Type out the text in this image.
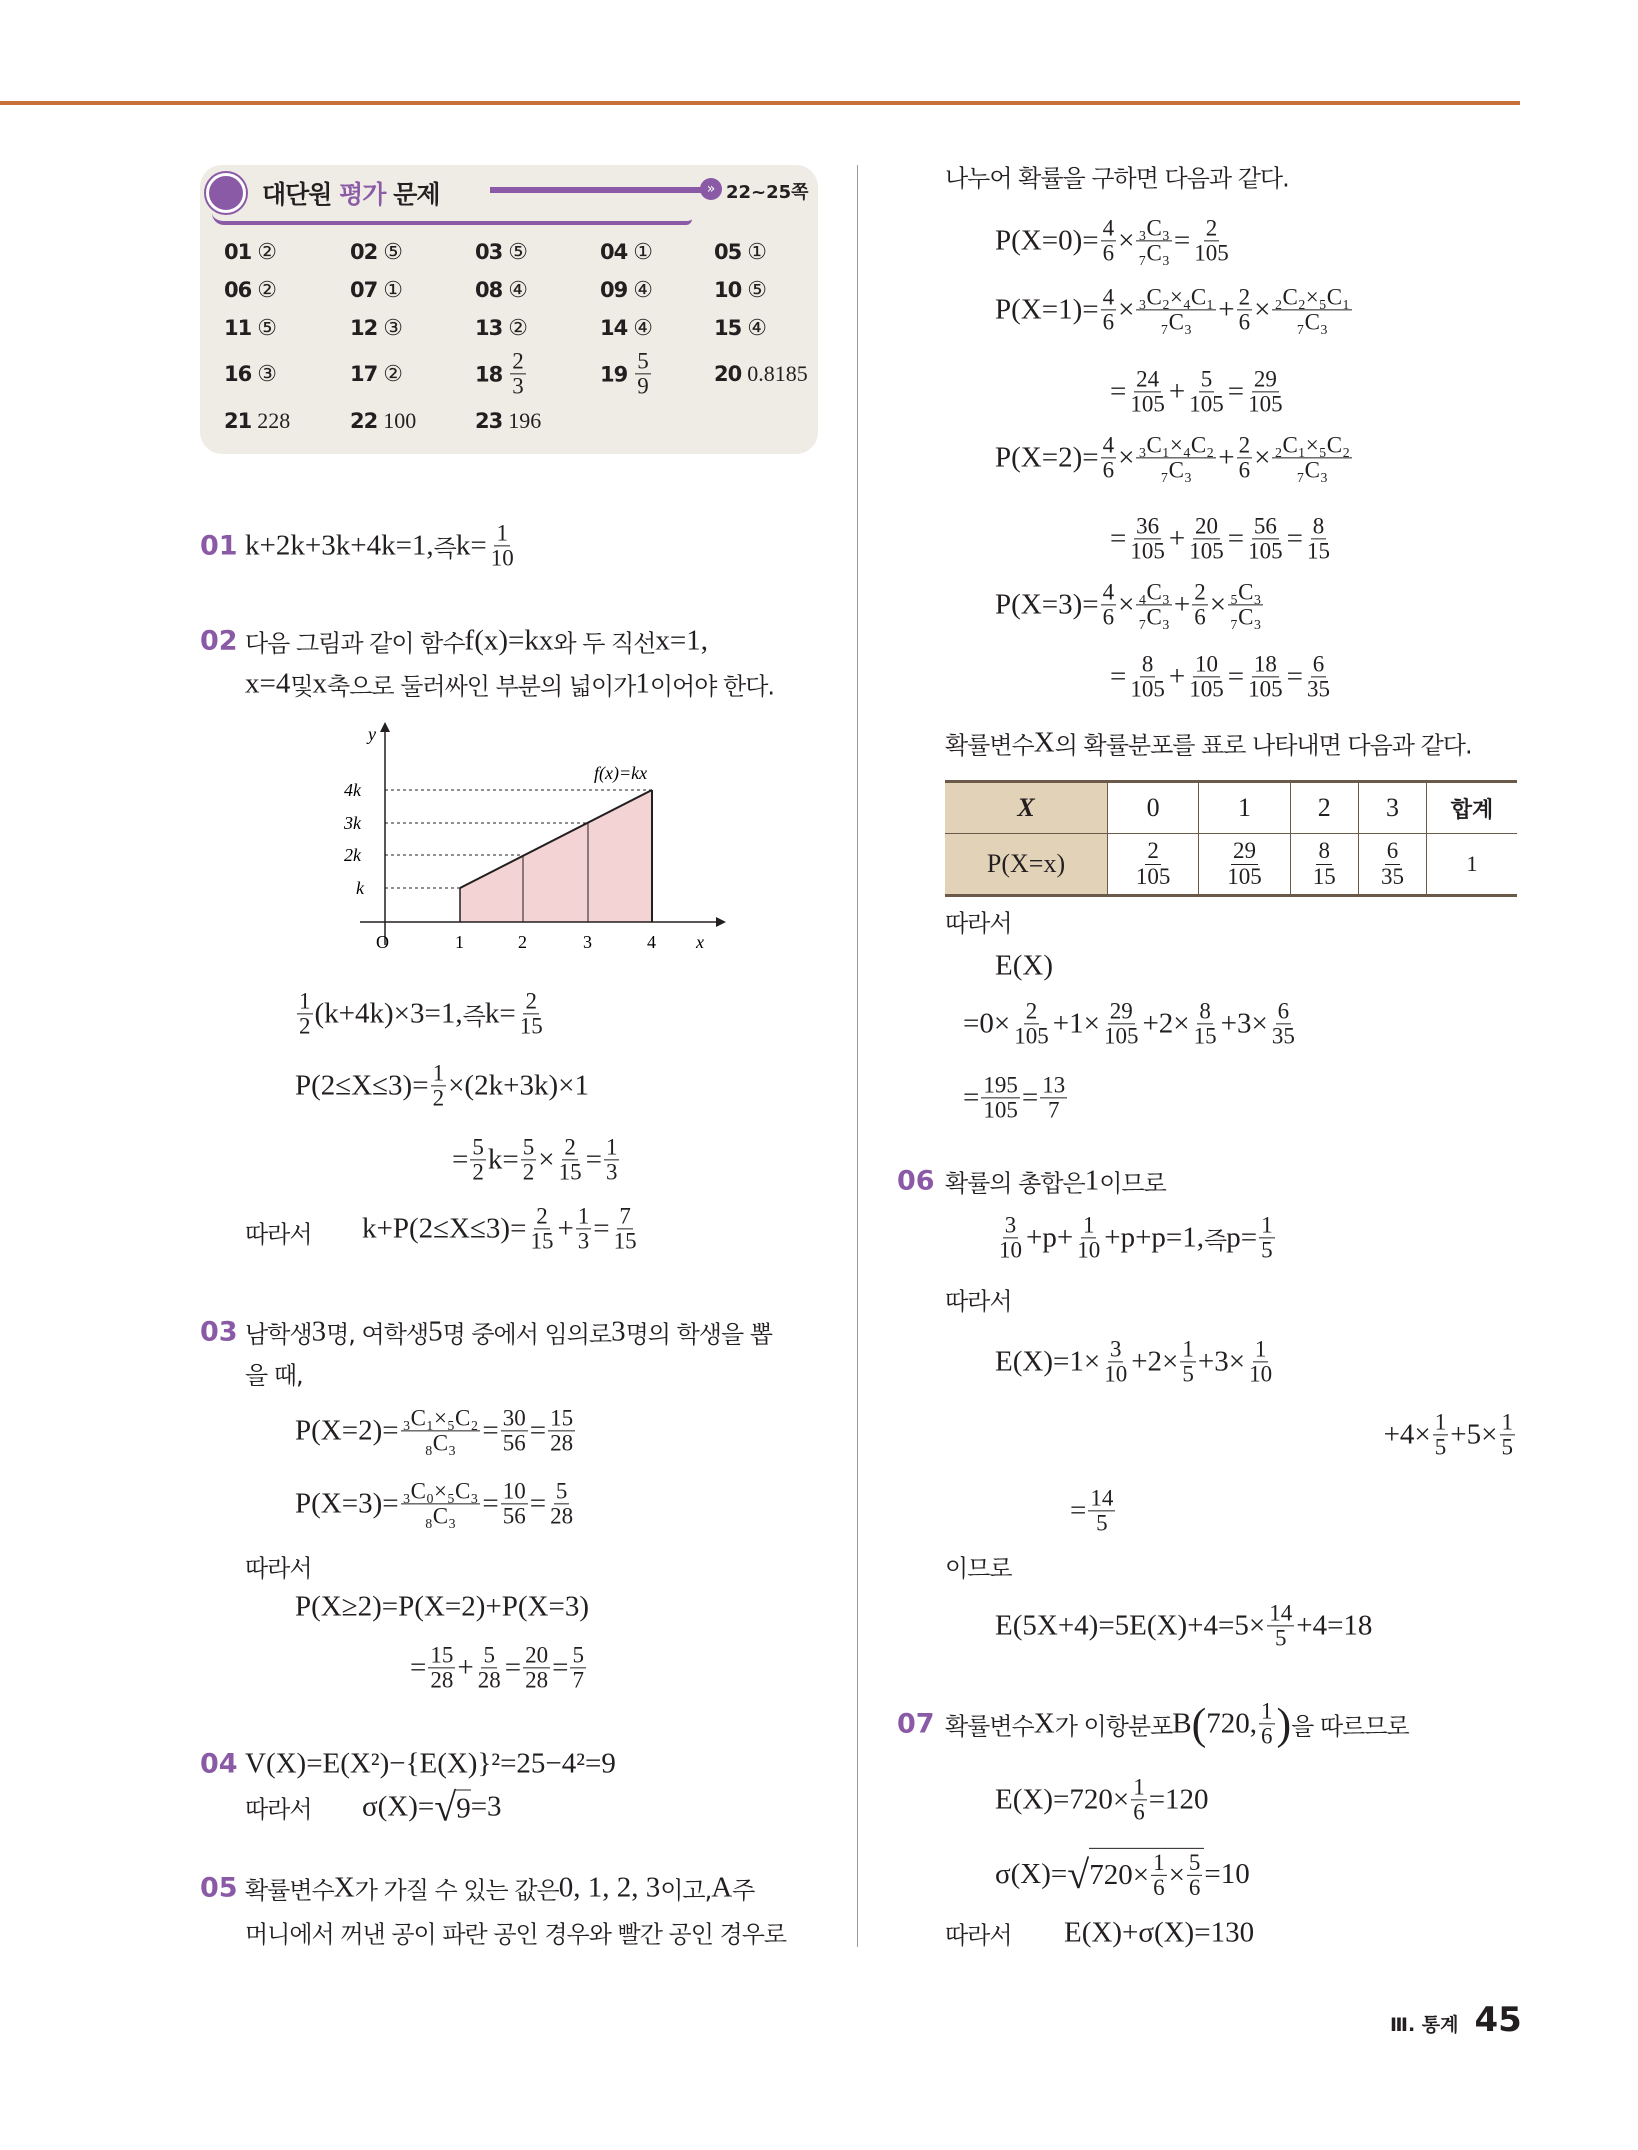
»
대단원 평가 문제	22~25쪽
01 ②	02 ⑤	03 ⑤	04 ①	05 ①
06 ②	07 ①	08 ④	09 ④	10 ⑤
11 ⑤	12 ③	13 ②	14 ④	15 ④
16 ③	17 ②	$18 \frac{2}{3}$	$19 \frac{5}{9}$	20 0.8185
21 228	22 100	23 196
y
4k
3k
2k
k
O	1	2	3	4 x
f(x)=kx
01
02
03
04
05
06
07
k+2k+3k+4k=1, 즉 $k= \frac{1}{10}$
다음 그림과 같이 함수 f(x)=kx 와 두 직선 x=1,
x=4 및 x 축으로 둘러싸인 부분의 넓이가 1 이어야 한다.
$\frac{1}{2} (k+4k)\times 3=1$, 즉 $k= \frac{2}{15}$
$P(2\le X\le 3)= \frac{1}{2} \times(2k+3k)\times 1$
= $\frac{5}{2} k= \frac{5}{2} \times \frac{2}{15} = \frac{1}{3}$
따라서 $k+P(2\le X\le 3)= \frac{2}{15} + \frac{1}{3} = \frac{7}{15}$
남학생 3 명, 여학생 5 명 중에서 임의로 3 명의 학생을 뽑
을 때,
$P(X=2)= \frac{\text{₃C₁×₅C₂}}{\text{₈C₃}} = \frac{30}{56} = \frac{15}{28}$
$P(X=3)= \frac{\text{₃C₀×₅C₃}}{\text{₈C₃}} = \frac{10}{56} = \frac{5}{28}$
따라서
P(X≥2)=P(X=2)+P(X=3)
= $\frac{15}{28} + \frac{5}{28} = \frac{20}{28} = \frac{5}{7}$
V(X)=E(X²)−{E(X)}²=25−4²=9
따라서 σ(X)= √ 9 =3
확률변수 X 가 가질 수 있는 값은 0, 1, 2, 3 이고, A 주
머니에서 꺼낸 공이 파란 공인 경우와 빨간 공인 경우로
나누어 확률을 구하면 다음과 같다.
$P(X=0)= \frac{4}{6} \times \frac{\text{₃C₃}}{\text{₇C₃}} = \frac{2}{105}$
$P(X=1)= \frac{4}{6} \times \frac{\text{₃C₂×₄C₁}}{\text{₇C₃}} + \frac{2}{6} \times \frac{\text{₂C₂×₅C₁}}{\text{₇C₃}}$
= $\frac{24}{105} + \frac{5}{105} = \frac{29}{105}$
$P(X=2)= \frac{4}{6} \times \frac{\text{₃C₁×₄C₂}}{\text{₇C₃}} + \frac{2}{6} \times \frac{\text{₂C₁×₅C₂}}{\text{₇C₃}}$
= $\frac{36}{105} + \frac{20}{105} = \frac{56}{105} = \frac{8}{15}$
$P(X=3)= \frac{4}{6} \times \frac{\text{₄C₃}}{\text{₇C₃}} + \frac{2}{6} \times \frac{\text{₅C₃}}{\text{₇C₃}}$
= $\frac{8}{105} + \frac{10}{105} = \frac{18}{105} = \frac{6}{35}$
확률변수 X 의 확률분포를 표로 나타내면 다음과 같다.
X	0	1	2	3	합계
P(X=x)	$\frac{2}{105}$	$\frac{29}{105}$	$\frac{8}{15}$	$\frac{6}{35}$	1
따라서
E(X)
$=0\times \frac{2}{105} +1\times \frac{29}{105} +2\times \frac{8}{15} +3\times \frac{6}{35}$
= $\frac{195}{105} = \frac{13}{7}$
확률의 총합은 1 이므로
$\frac{3}{10} +p+ \frac{1}{10} +p+p=1$, 즉 $p= \frac{1}{5}$
따라서
$E(X)=1\times \frac{3}{10} +2\times \frac{1}{5} +3\times \frac{1}{10}$
$+4\times \frac{1}{5} +5\times \frac{1}{5}$
= $\frac{14}{5}$
이므로
$E(5X+4)=5E(X)+4=5\times \frac{14}{5} +4=18$
확률변수 X 가 이항분포 B ( 720, $\frac{1}{6}$ ) 을 따르므로
$E(X)=720\times \frac{1}{6} =120$
σ(X)= √ $720\times \frac{1}{6} \times \frac{5}{6} =10$
따라서 E(X)+σ(X)=130
Ⅲ. 통계 45
